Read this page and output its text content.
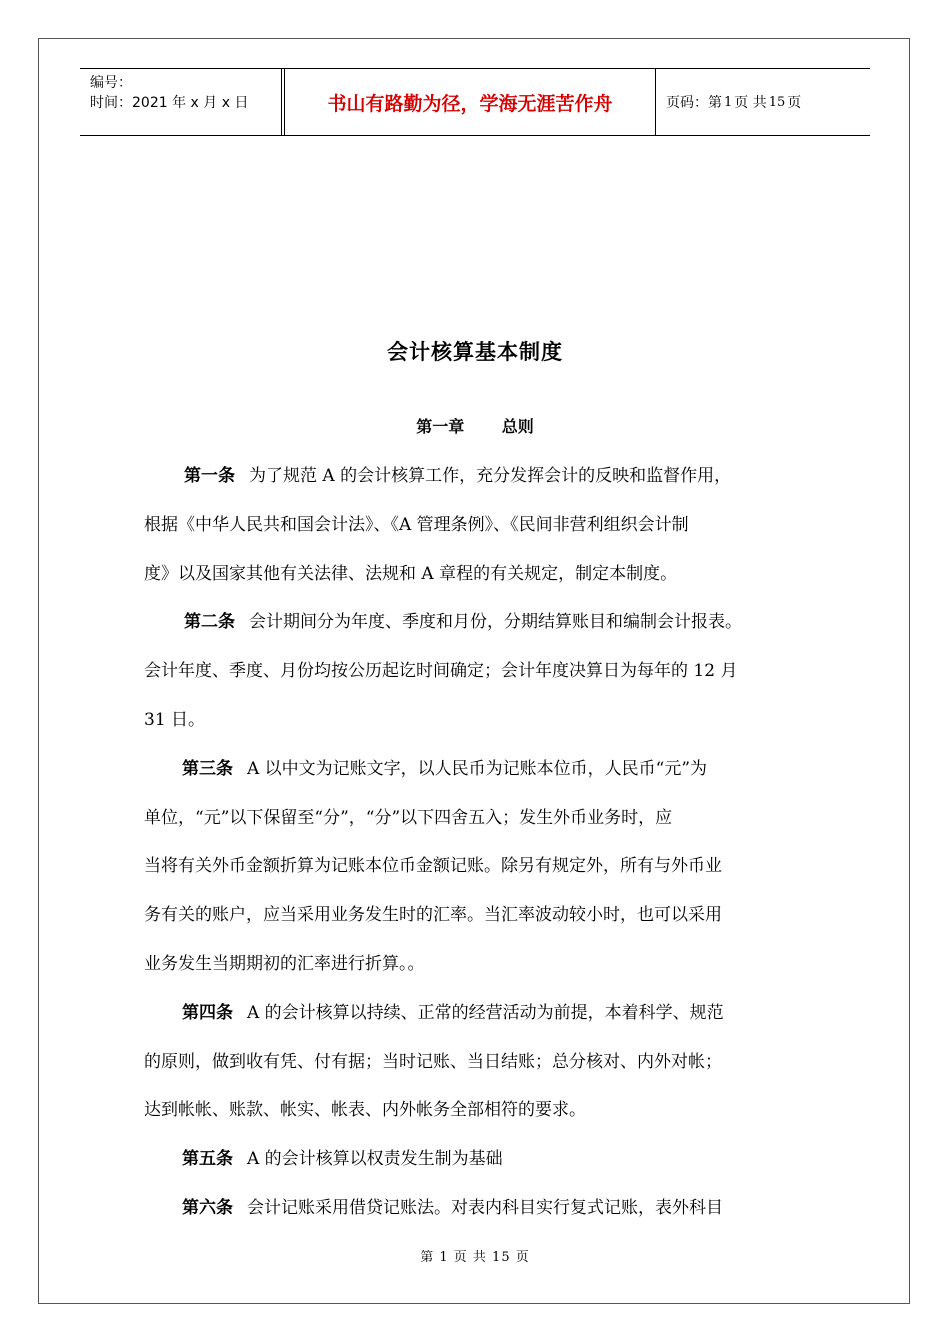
编号：
时间：2021 年 x 月 x 日	书山有路勤为径，学海无涯苦作舟	页码：第 1 页 共 15 页
会计核算基本制度
第一章 总则
第一条 为了规范 A 的会计核算工作，充分发挥会计的反映和监督作用，
根据《中华人民共和国会计法》、《A 管理条例》、《民间非营利组织会计制
度》以及国家其他有关法律、法规和 A 章程的有关规定，制定本制度。
第二条 会计期间分为年度、季度和月份，分期结算账目和编制会计报表。
会计年度、季度、月份均按公历起讫时间确定；会计年度决算日为每年的 12 月
31 日。
第三条 A 以中文为记账文字，以人民币为记账本位币，人民币“元”为
单位，“元”以下保留至“分”，“分”以下四舍五入；发生外币业务时，应
当将有关外币金额折算为记账本位币金额记账。除另有规定外，所有与外币业
务有关的账户，应当采用业务发生时的汇率。当汇率波动较小时，也可以采用
业务发生当期期初的汇率进行折算。。
第四条 A 的会计核算以持续、正常的经营活动为前提，本着科学、规范
的原则，做到收有凭、付有据；当时记账、当日结账；总分核对、内外对帐；
达到帐帐、账款、帐实、帐表、内外帐务全部相符的要求。
第五条 A 的会计核算以权责发生制为基础
第六条 会计记账采用借贷记账法。对表内科目实行复式记账，表外科目
第 1 页 共 15 页
